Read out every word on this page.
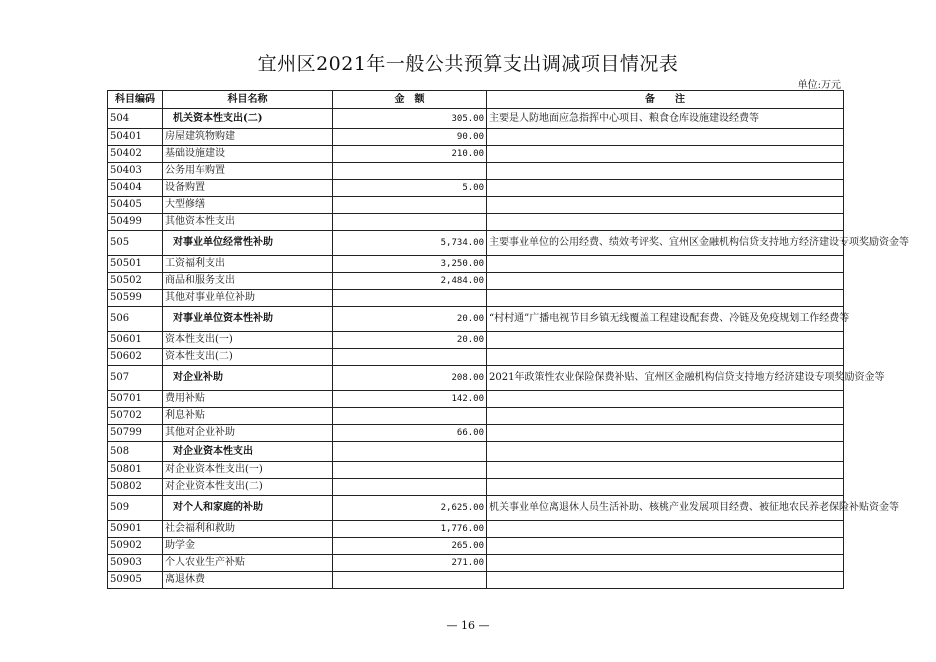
宜州区2021年一般公共预算支出调减项目情况表
单位:万元
科目编码	科目名称	金　额	备　　注
504	机关资本性支出(二)	305.00	主要是人防地面应急指挥中心项目、粮食仓库设施建设经费等
50401	房屋建筑物购建	90.00	
50402	基础设施建设	210.00	
50403	公务用车购置		
50404	设备购置	5.00	
50405	大型修缮		
50499	其他资本性支出		
505	对事业单位经常性补助	5,734.00	主要事业单位的公用经费、绩效考评奖、宜州区金融机构信贷支持地方经济建设专项奖励资金等
50501	工资福利支出	3,250.00	
50502	商品和服务支出	2,484.00	
50599	其他对事业单位补助		
506	对事业单位资本性补助	20.00	“村村通”广播电视节目乡镇无线覆盖工程建设配套费、冷链及免疫规划工作经费等
50601	资本性支出(一)	20.00	
50602	资本性支出(二)		
507	对企业补助	208.00	2021年政策性农业保险保费补贴、宜州区金融机构信贷支持地方经济建设专项奖励资金等
50701	费用补贴	142.00	
50702	利息补贴		
50799	其他对企业补助	66.00	
508	对企业资本性支出		
50801	对企业资本性支出(一)		
50802	对企业资本性支出(二)		
509	对个人和家庭的补助	2,625.00	机关事业单位离退休人员生活补助、核桃产业发展项目经费、被征地农民养老保险补贴资金等
50901	社会福利和救助	1,776.00	
50902	助学金	265.00	
50903	个人农业生产补贴	271.00	
50905	离退休费		
— 16 —
